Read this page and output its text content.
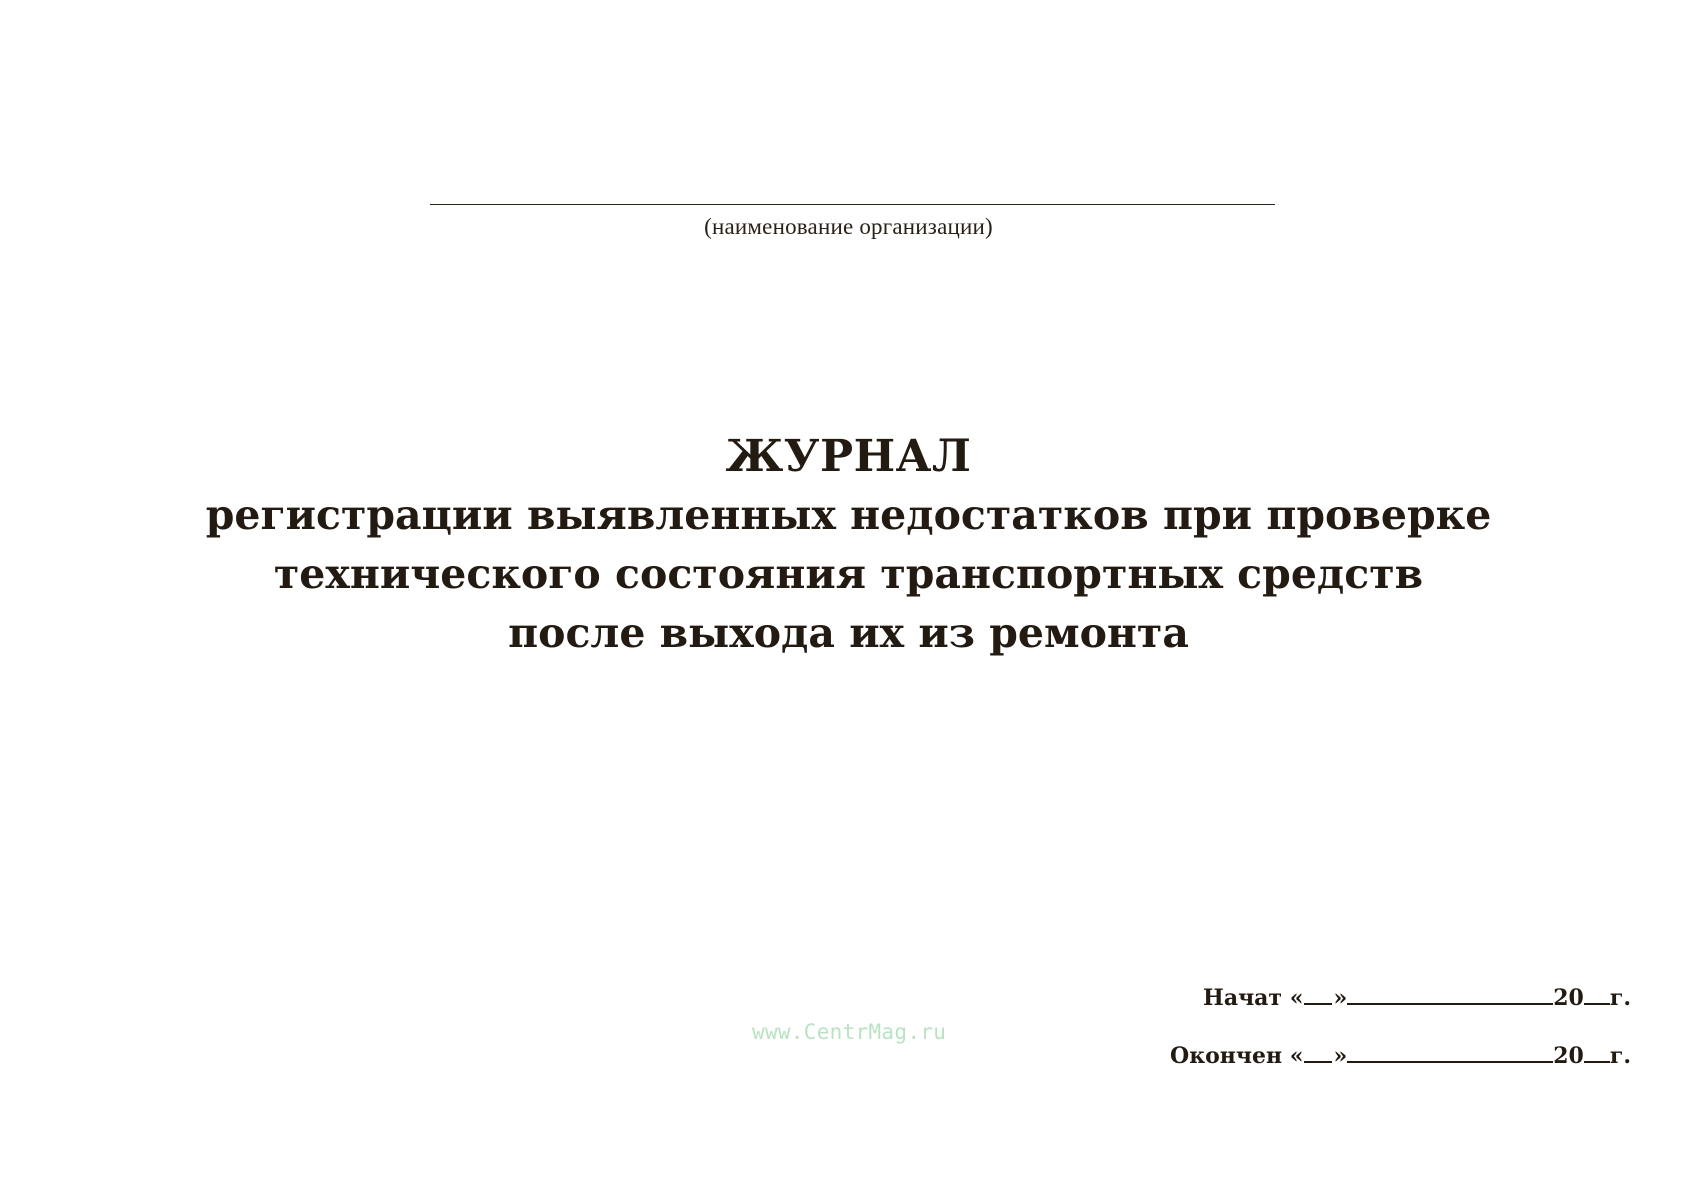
(наименование организации)
ЖУРНАЛ
регистрации выявленных недостатков при проверке технического состояния транспортных средств после выхода их из ремонта
www.CentrMag.ru
Начат « »	20 г.
Окончен « »	20 г.
